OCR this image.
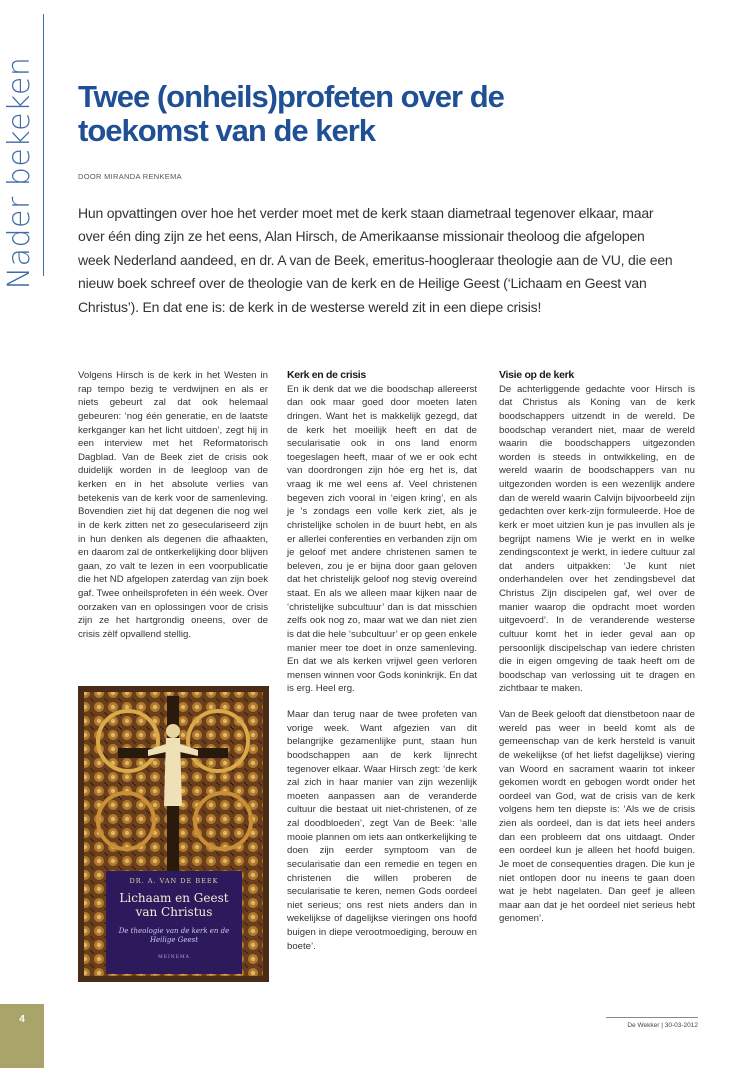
Nader bekeken Twee (onheils)profeten over de toekomst van de kerk
DOOR MIRANDA RENKEMA
Hun opvattingen over hoe het verder moet met de kerk staan diametraal tegenover elkaar, maar over één ding zijn ze het eens, Alan Hirsch, de Amerikaanse missionair theoloog die afgelopen week Nederland aandeed, en dr. A van de Beek, emeritus-hoogleraar theologie aan de VU, die een nieuw boek schreef over de theologie van de kerk en de Heilige Geest (‘Lichaam en Geest van Christus’). En dat ene is: de kerk in de westerse wereld zit in een diepe crisis!

Volgens Hirsch is de kerk in het Westen in rap tempo bezig te verdwijnen en als er niets gebeurt zal dat ook helemaal gebeuren: ‘nog één generatie, en de laatste kerkganger kan het licht uitdoen’, zegt hij in een interview met het Reformatorisch Dagblad. Van de Beek ziet de crisis ook duidelijk worden in de leegloop van de kerken en in het absolute verlies van betekenis van de kerk voor de samenleving. Bovendien ziet hij dat degenen die nog wel in de kerk zitten net zo geseculariseerd zijn in hun denken als degenen die afhaakten, en daarom zal de ontkerkelijking door blijven gaan, zo valt te lezen in een voorpublicatie die het ND afgelopen zaterdag van zijn boek gaf. Twee onheilsprofeten in één week. Over oorzaken van en oplossingen voor de crisis zijn ze het hartgrondig oneens, over de crisis zèlf opvallend stellig.

DR. A. VAN DE BEEK
Lichaam en Geest
van Christus
De theologie van de kerk en de Heilige Geest
MEINEMA
Kerk en de crisis

En ik denk dat we die boodschap allereerst dan ook maar goed door moeten laten dringen. Want het is makkelijk gezegd, dat de kerk het moeilijk heeft en dat de secularisatie ook in ons land enorm toegeslagen heeft, maar of we er ook echt van doordrongen zijn hóe erg het is, dat vraag ik me wel eens af. Veel christenen begeven zich vooral in ‘eigen kring’, en als je ’s zondags een volle kerk ziet, als je christelijke scholen in de buurt hebt, en als er allerlei conferenties en verbanden zijn om je geloof met andere christenen samen te beleven, zou je er bijna door gaan geloven dat het christelijk geloof nog stevig overeind staat. En als we alleen maar kijken naar de ‘christelijke subcultuur’ dan is dat misschien zelfs ook nog zo, maar wat we dan niet zien is dat die hele ‘subcultuur’ er op geen enkele manier meer toe doet in onze samenleving. En dat we als kerken vrijwel geen verloren mensen winnen voor Gods koninkrijk. En dat is erg. Heel erg.

Maar dan terug naar de twee profeten van vorige week. Want afgezien van dit belangrijke gezamenlijke punt, staan hun boodschappen aan de kerk lijnrecht tegenover elkaar. Waar Hirsch zegt: ‘de kerk zal zich in haar manier van zijn wezenlijk moeten aanpassen aan de veranderde cultuur die bestaat uit niet-christenen, of ze zal doodbloeden’, zegt Van de Beek: ‘alle mooie plannen om iets aan ontkerkelijking te doen zijn eerder symptoom van de secularisatie dan een remedie en tegen en christenen die willen proberen de secularisatie te keren, nemen Gods oordeel niet serieus; ons rest niets anders dan in wekelijkse of dagelijkse vieringen ons hoofd buigen in diepe verootmoediging, berouw en boete’.

Visie op de kerk

De achterliggende gedachte voor Hirsch is dat Christus als Koning van de kerk boodschappers uitzendt in de wereld. De boodschap verandert niet, maar de wereld waarin die boodschappers uitgezonden worden is steeds in ontwikkeling, en de wereld waarin de boodschappers van nu uitgezonden worden is een wezenlijk andere dan de wereld waarin Calvijn bijvoorbeeld zijn gedachten over kerk-zijn formuleerde. Hoe de kerk er moet uitzien kun je pas invullen als je begrijpt namens Wie je werkt en in welke zendingscontext je werkt, in iedere cultuur zal dat anders uitpakken: ‘Je kunt niet onderhandelen over het zendingsbevel dat Christus Zijn discipelen gaf, wel over de manier waarop die opdracht moet worden uitgevoerd’. In de veranderende westerse cultuur komt het in ieder geval aan op persoonlijk discipelschap van iedere christen die in eigen omgeving de taak heeft om de boodschap van verlossing uit te dragen en zichtbaar te maken.

Van de Beek gelooft dat dienstbetoon naar de wereld pas weer in beeld komt als de gemeenschap van de kerk hersteld is vanuit de wekelijkse (of het liefst dagelijkse) viering van Woord en sacrament waarin tot inkeer gekomen wordt en gebogen wordt onder het oordeel van God, wat de crisis van de kerk volgens hem ten diepste is: ‘Als we de crisis zien als oordeel, dan is dat iets heel anders dan een probleem dat ons uitdaagt. Onder een oordeel kun je alleen het hoofd buigen. Je moet de consequenties dragen. Die kun je niet ontlopen door nu ineens te gaan doen wat je hebt nagelaten. Dan geef je alleen maar aan dat je het oordeel niet serieus hebt genomen’.

4
De Wekker | 30-03-2012
